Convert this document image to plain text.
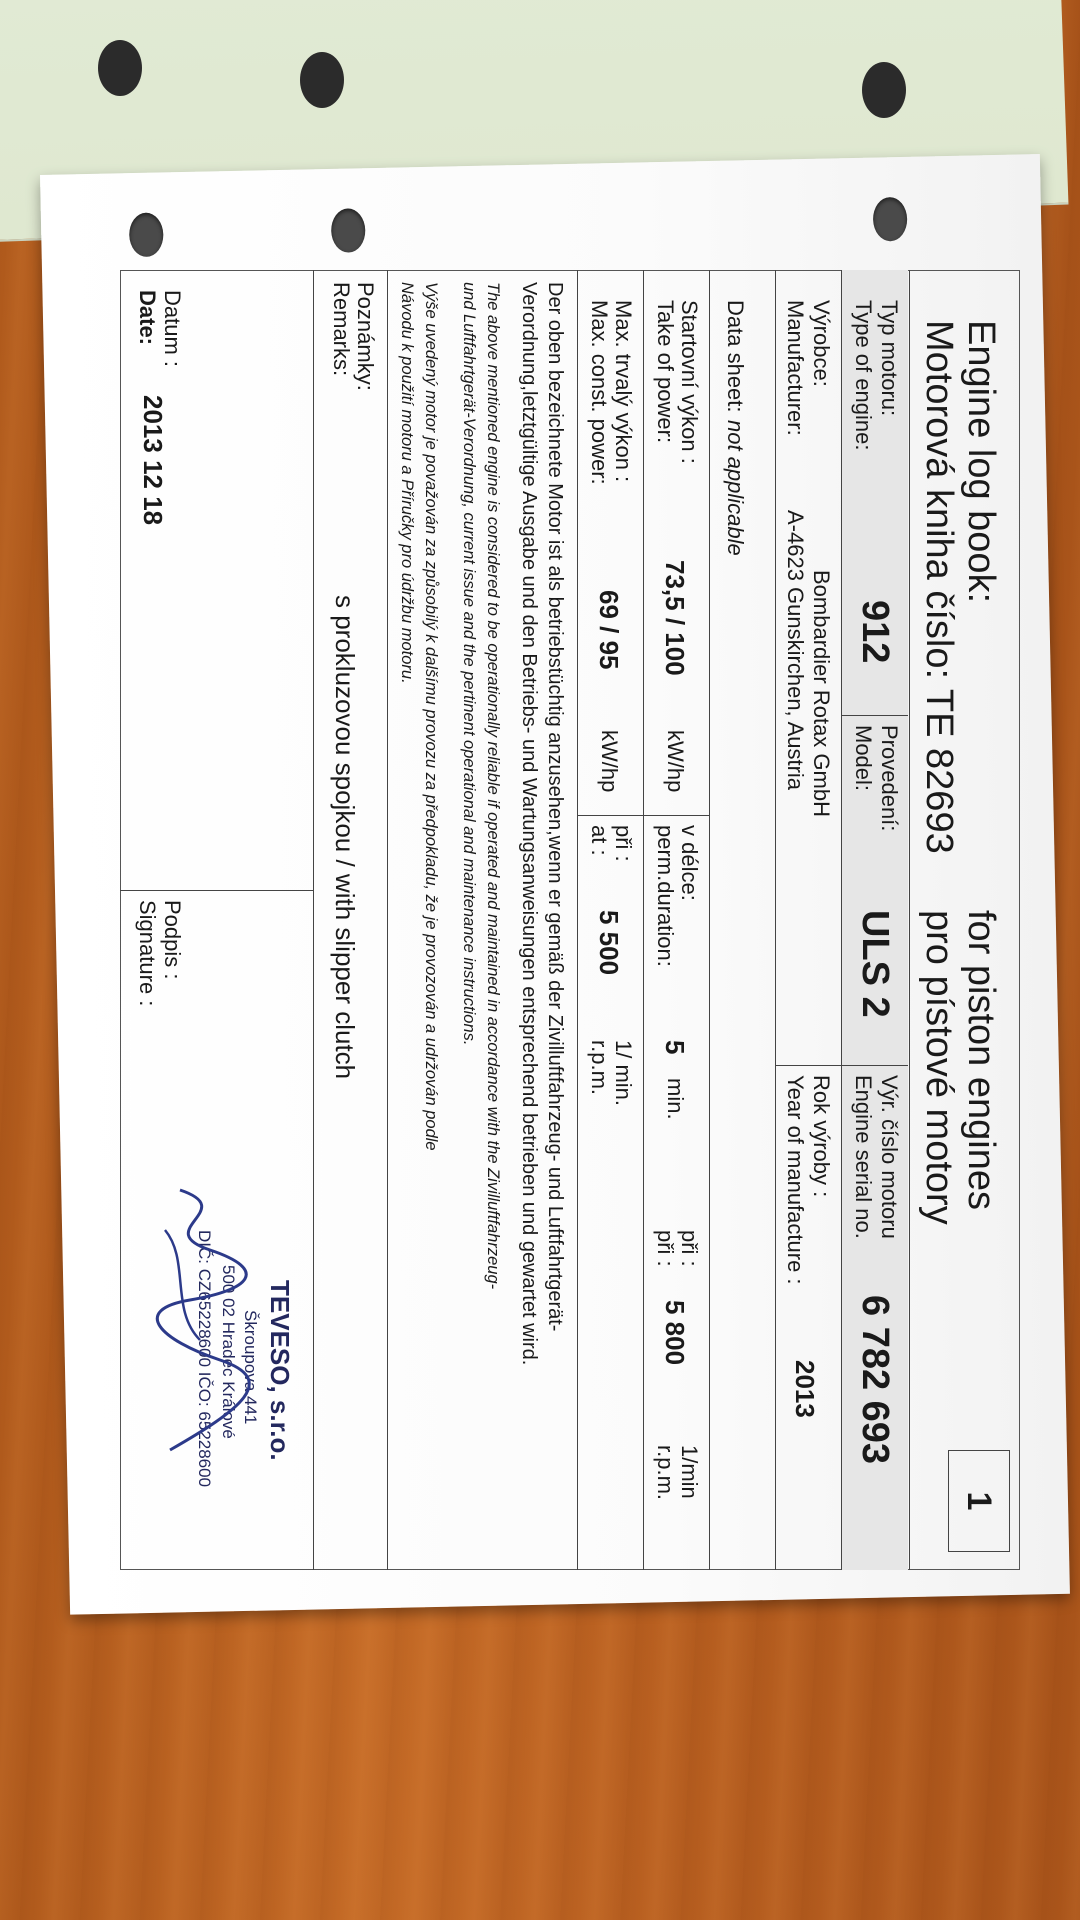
Engine log book:
for piston engines
Motorová kniha číslo: TE 82693
pro pístové motory
1
Typ motoru:
Type of engine:
912
Provedení:
Model:
ULS 2
Výr. číslo motoru
Engine serial no.
6 782 693
Výrobce:
Manufacturer:
Bombardier Rotax GmbH
A-4623 Gunskirchen, Austria
Rok výroby :
Year of manufacture :
2013
Data sheet:
not applicable
Startovní výkon :
Take of power:
73,5 / 100
kW/hp
v délce:
perm.duration:
5
min.
při :
při :
5 800
1/min
r.p.m.
Max. trvalý výkon :
Max. const. power:
69 / 95
kW/hp
při :
at :
5 500
1/ min.
r.p.m.
Der oben bezeichnete Motor ist als betriebstüchtig anzusehen,wenn er gemäß der Zivilluftfahrzeug- und Luftfahrtgerät-
Verordnung,letztgültige Ausgabe und den Betriebs- und Wartungsanweisungen entsprechend betrieben und gewartet wird.
The above mentioned engine is considered to be operationally reliable if operated and maintained in accordance with the Zivilluftfahrzeug-
und Luftfahrtgerät-Verordnung, current issue and the pertinent operational and maintenance instructions.
Výše uvedený motor je považován za způsobilý k dalšímu provozu za předpokladu, že je provozován a udržován podle
Návodu k použití motoru a Příručky pro údržbu motoru.
Poznámky:
Remarks:
s prokluzovou spojkou / with slipper clutch
Datum :
Date:
2013 12 18
Podpis :
Signature :
TEVESO, s.r.o.
Škroupova 441
500 02 Hradec Králové
DIČ: CZ65228600 IČO: 65228600
